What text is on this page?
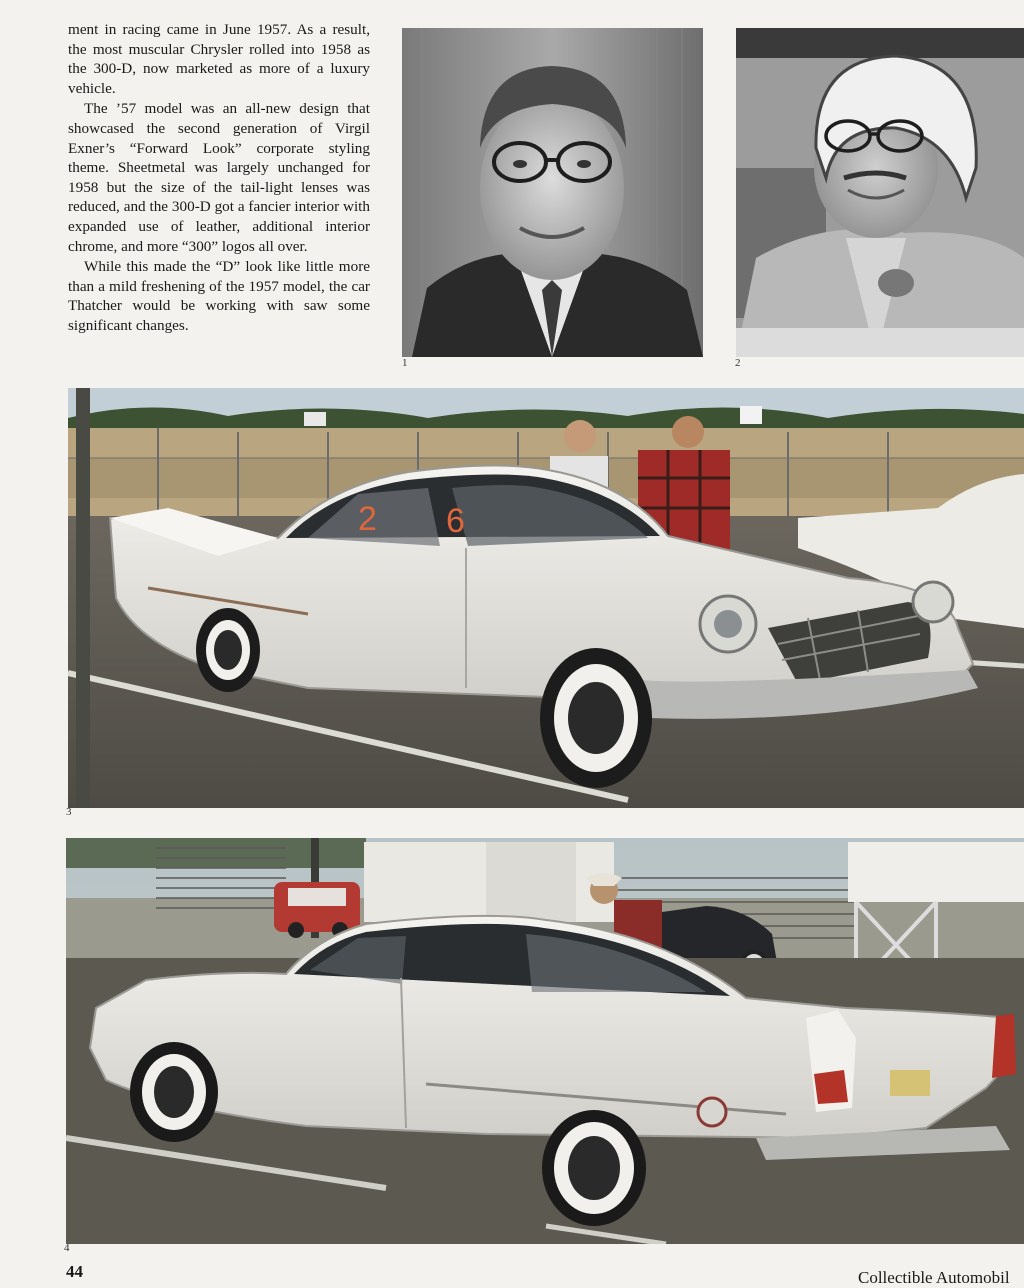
ment in racing came in June 1957. As a result, the most muscular Chrysler rolled into 1958 as the 300-D, now marketed as more of a luxury vehicle.

The ’57 model was an all-new design that showcased the second generation of Virgil Exner’s “Forward Look” corporate styling theme. Sheetmetal was largely unchanged for 1958 but the size of the tail-light lenses was reduced, and the 300-D got a fancier interior with expanded use of leather, additional interior chrome, and more “300” logos all over.

While this made the “D” look like little more than a mild freshening of the 1957 model, the car Thatcher would be working with saw some significant changes.

1	2
2 6
3
4
44	Collectible Automobil
